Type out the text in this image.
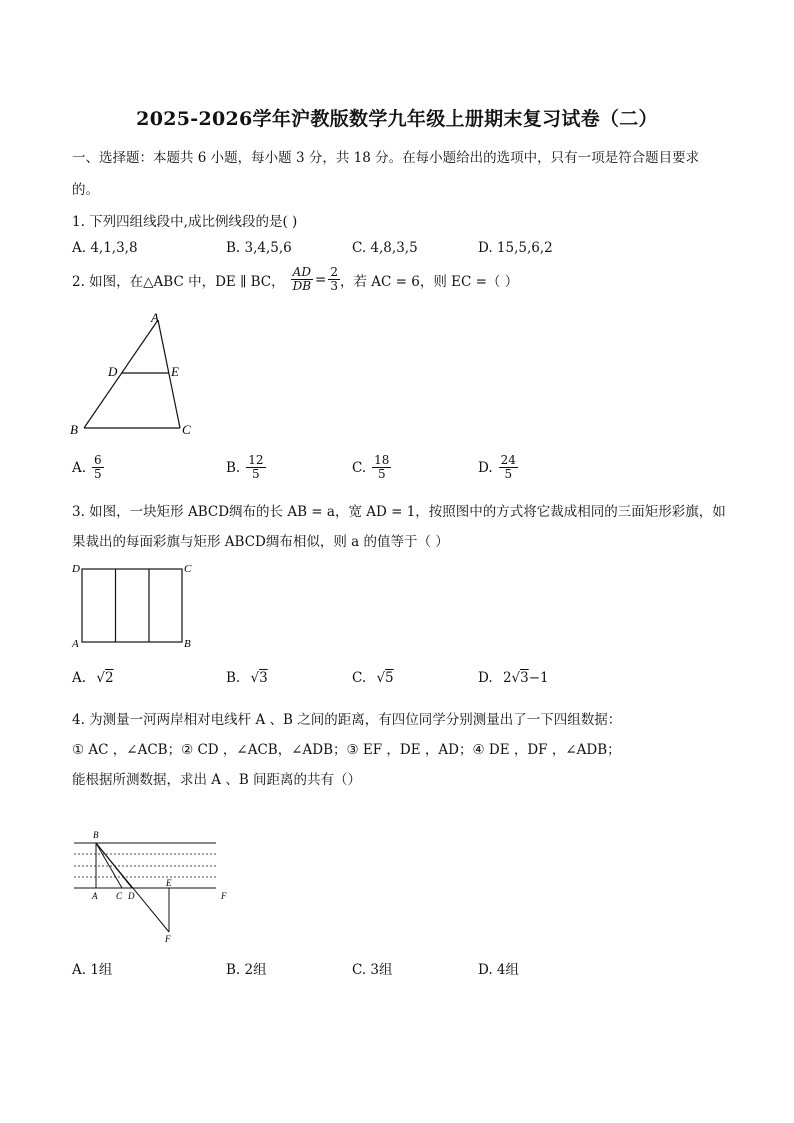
2025-2026学年沪教版数学九年级上册期末复习试卷（二）
一、选择题：本题共 6 小题，每小题 3 分，共 18 分。在每小题给出的选项中，只有一项是符合题目要求
的。
1. 下列四组线段中,成比例线段的是( )
A. 4,1,3,8	B. 3,4,5,6	C. 4,8,3,5	D. 15,5,6,2
2. 如图，在△ABC 中，DE ∥ BC， $\frac{AD}{DB} = \frac{2}{3}$ ，若 AC = 6，则 EC =（ ）
A
D	E
B	C
A. $\frac{6}{5}$	B. $\frac{12}{5}$	C. $\frac{18}{5}$	D. $\frac{24}{5}$
3. 如图，一块矩形 ABCD绸布的长 AB = a，宽 AD = 1，按照图中的方式将它裁成相同的三面矩形彩旗，如
果裁出的每面彩旗与矩形 ABCD绸布相似，则 a 的值等于（ ）
D	C
A	B
A. √2	B. √3	C. √5	D. 2√3−1
4. 为测量一河两岸相对电线杆 A 、B 之间的距离，有四位同学分别测量出了一下四组数据：
① AC ，∠ACB；② CD ，∠ACB，∠ADB；③ EF ，DE ，AD；④ DE ，DF ，∠ADB；
能根据所测数据，求出 A 、B 间距离的共有（）
B
A C D
E
F
F
A. 1组	B. 2组	C. 3组	D. 4组
